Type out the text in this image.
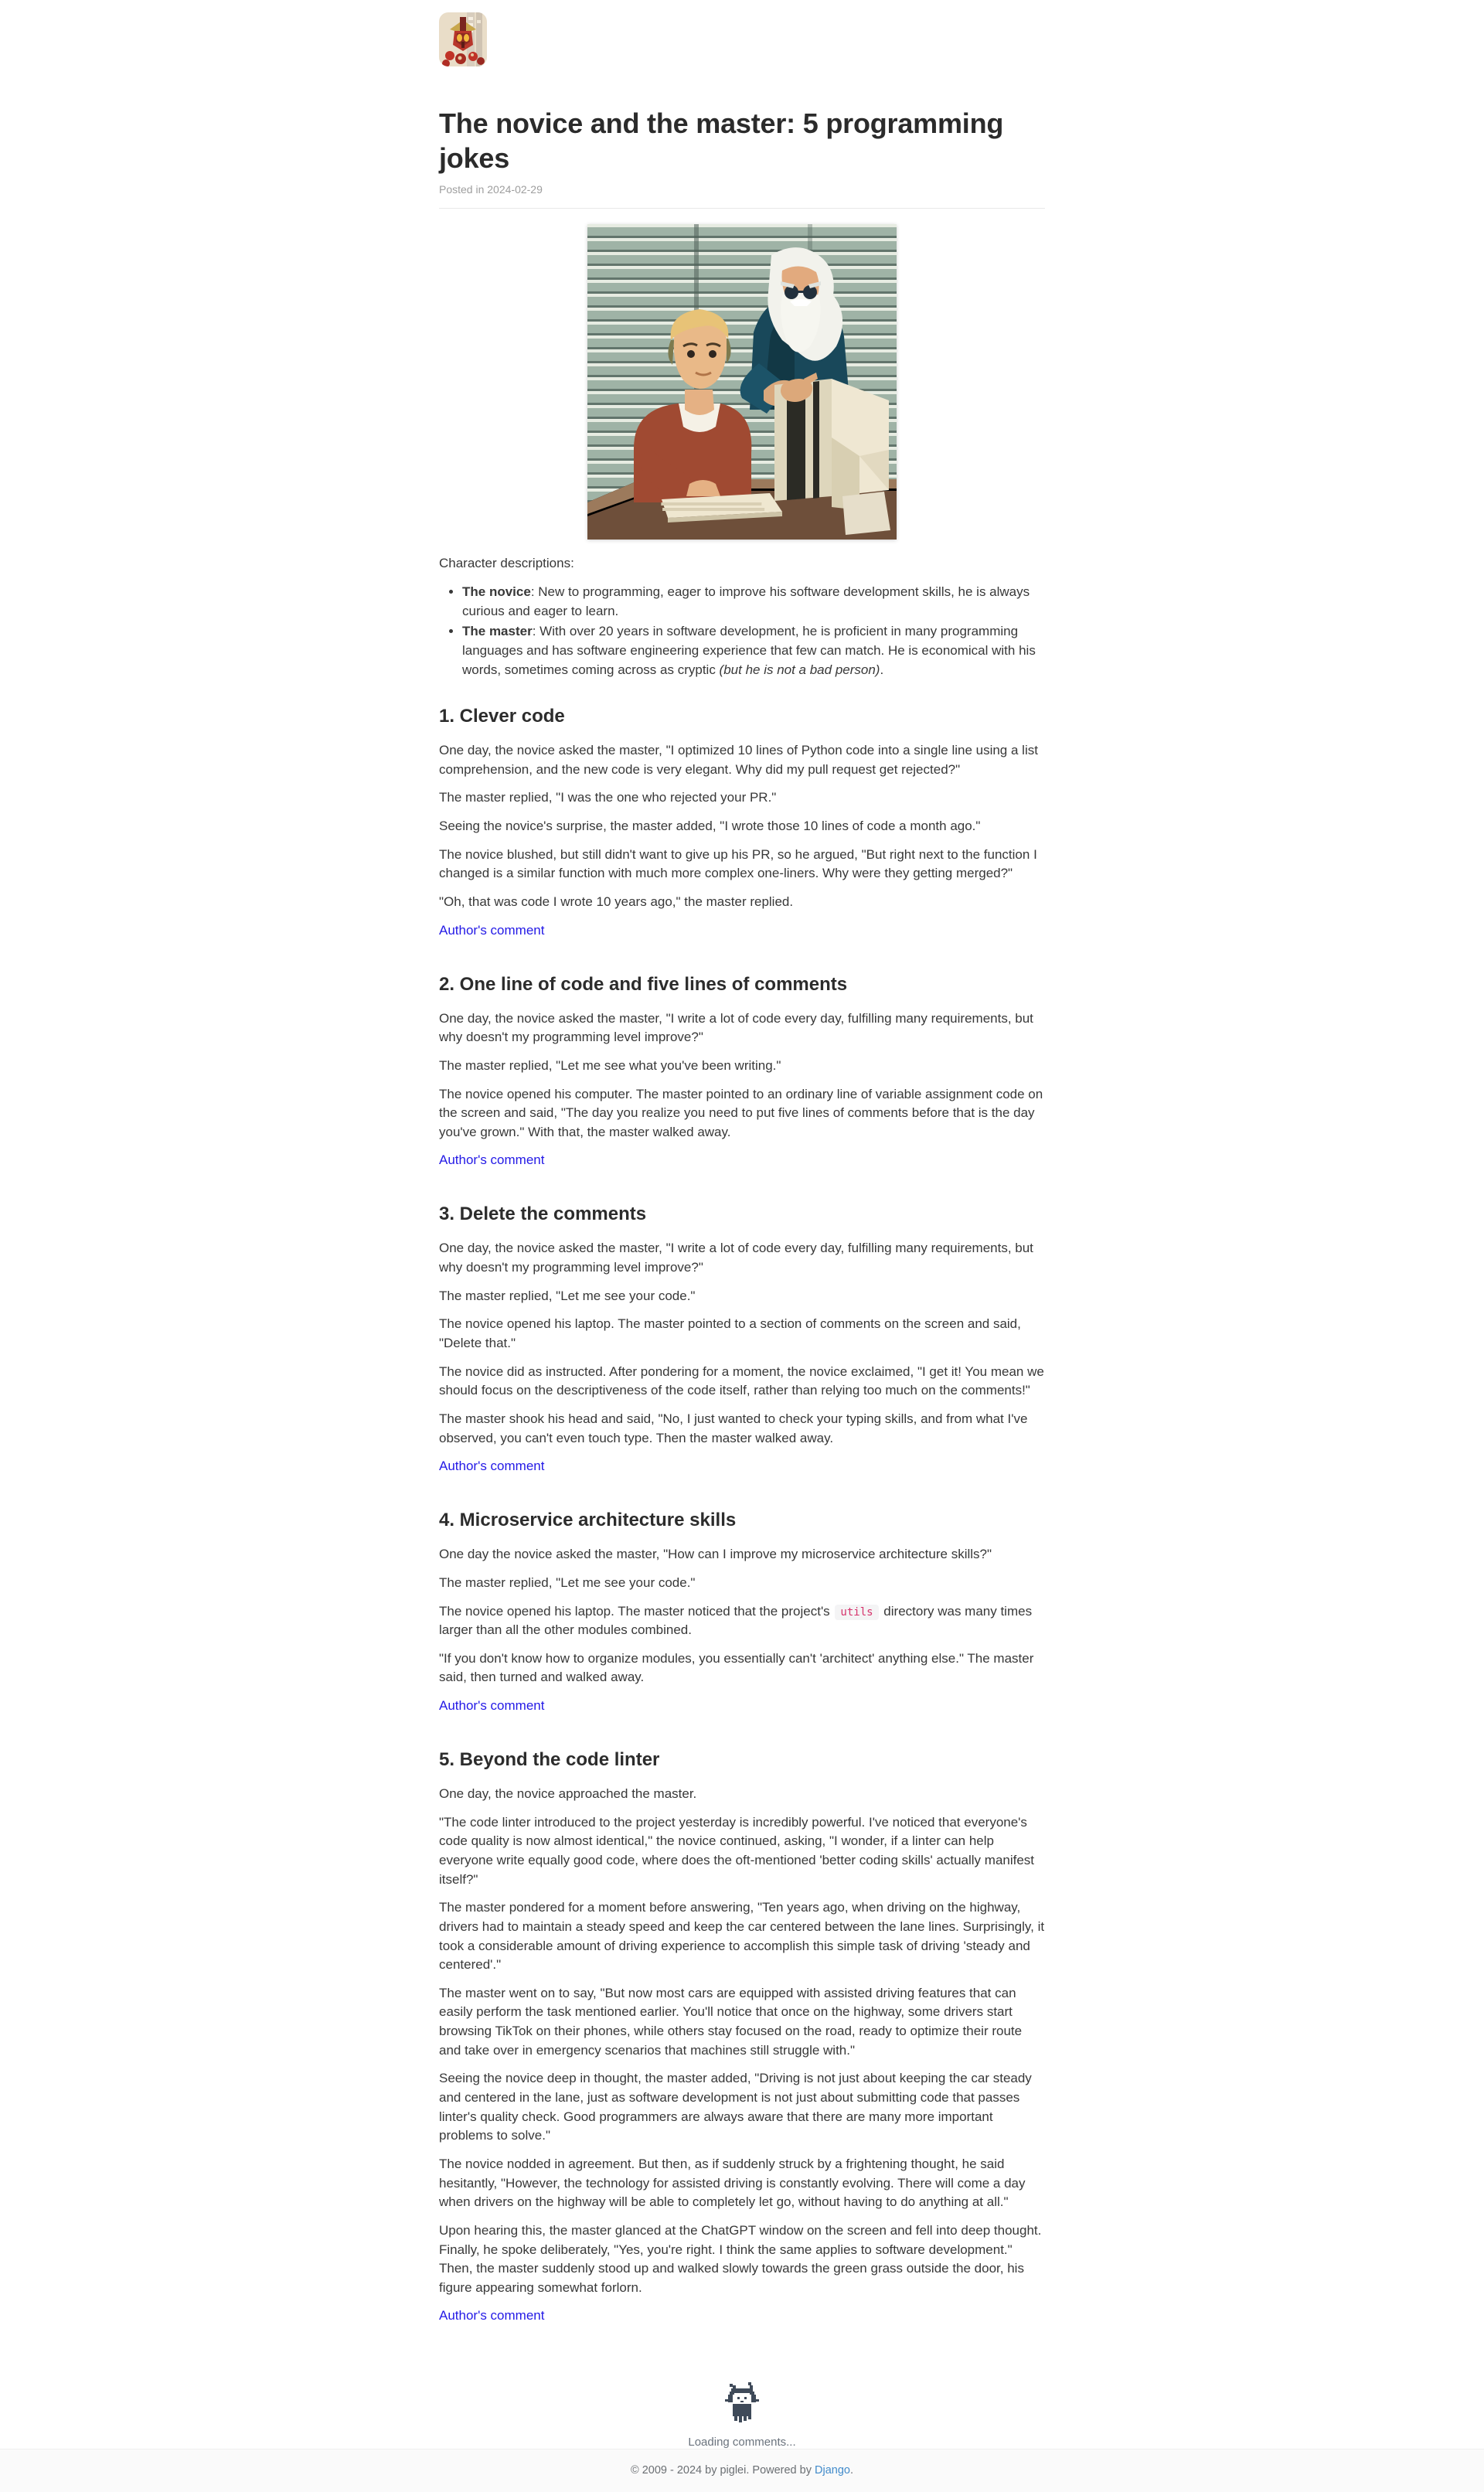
The novice and the master: 5 programming jokes

Posted in 2024-02-29

Character descriptions:

• The novice: New to programming, eager to improve his software development skills, he is always curious and eager to learn.
• The master: With over 20 years in software development, he is proficient in many programming languages and has software engineering experience that few can match. He is economical with his words, sometimes coming across as cryptic (but he is not a bad person).
1. Clever code

One day, the novice asked the master, "I optimized 10 lines of Python code into a single line using a list comprehension, and the new code is very elegant. Why did my pull request get rejected?"

The master replied, "I was the one who rejected your PR."

Seeing the novice's surprise, the master added, "I wrote those 10 lines of code a month ago."

The novice blushed, but still didn't want to give up his PR, so he argued, "But right next to the function I changed is a similar function with much more complex one-liners. Why were they getting merged?"

"Oh, that was code I wrote 10 years ago," the master replied.

Author's comment
2. One line of code and five lines of comments

One day, the novice asked the master, "I write a lot of code every day, fulfilling many requirements, but why doesn't my programming level improve?"

The master replied, "Let me see what you've been writing."

The novice opened his computer. The master pointed to an ordinary line of variable assignment code on the screen and said, "The day you realize you need to put five lines of comments before that is the day you've grown." With that, the master walked away.

Author's comment
3. Delete the comments

One day, the novice asked the master, "I write a lot of code every day, fulfilling many requirements, but why doesn't my programming level improve?"

The master replied, "Let me see your code."

The novice opened his laptop. The master pointed to a section of comments on the screen and said, "Delete that."

The novice did as instructed. After pondering for a moment, the novice exclaimed, "I get it! You mean we should focus on the descriptiveness of the code itself, rather than relying too much on the comments!"

The master shook his head and said, "No, I just wanted to check your typing skills, and from what I've observed, you can't even touch type. Then the master walked away.

Author's comment
4. Microservice architecture skills

One day the novice asked the master, "How can I improve my microservice architecture skills?"

The master replied, "Let me see your code."

The novice opened his laptop. The master noticed that the project's utils directory was many times larger than all the other modules combined.

"If you don't know how to organize modules, you essentially can't 'architect' anything else." The master said, then turned and walked away.

Author's comment
5. Beyond the code linter

One day, the novice approached the master.

"The code linter introduced to the project yesterday is incredibly powerful. I've noticed that everyone's code quality is now almost identical," the novice continued, asking, "I wonder, if a linter can help everyone write equally good code, where does the oft-mentioned 'better coding skills' actually manifest itself?"

The master pondered for a moment before answering, "Ten years ago, when driving on the highway, drivers had to maintain a steady speed and keep the car centered between the lane lines. Surprisingly, it took a considerable amount of driving experience to accomplish this simple task of driving 'steady and centered'."

The master went on to say, "But now most cars are equipped with assisted driving features that can easily perform the task mentioned earlier. You'll notice that once on the highway, some drivers start browsing TikTok on their phones, while others stay focused on the road, ready to optimize their route and take over in emergency scenarios that machines still struggle with."

Seeing the novice deep in thought, the master added, "Driving is not just about keeping the car steady and centered in the lane, just as software development is not just about submitting code that passes linter's quality check. Good programmers are always aware that there are many more important problems to solve."

The novice nodded in agreement. But then, as if suddenly struck by a frightening thought, he said hesitantly, "However, the technology for assisted driving is constantly evolving. There will come a day when drivers on the highway will be able to completely let go, without having to do anything at all."

Upon hearing this, the master glanced at the ChatGPT window on the screen and fell into deep thought. Finally, he spoke deliberately, "Yes, you're right. I think the same applies to software development." Then, the master suddenly stood up and walked slowly towards the green grass outside the door, his figure appearing somewhat forlorn.

Author's comment
Loading comments...
© 2009 - 2024 by piglei. Powered by Django.
